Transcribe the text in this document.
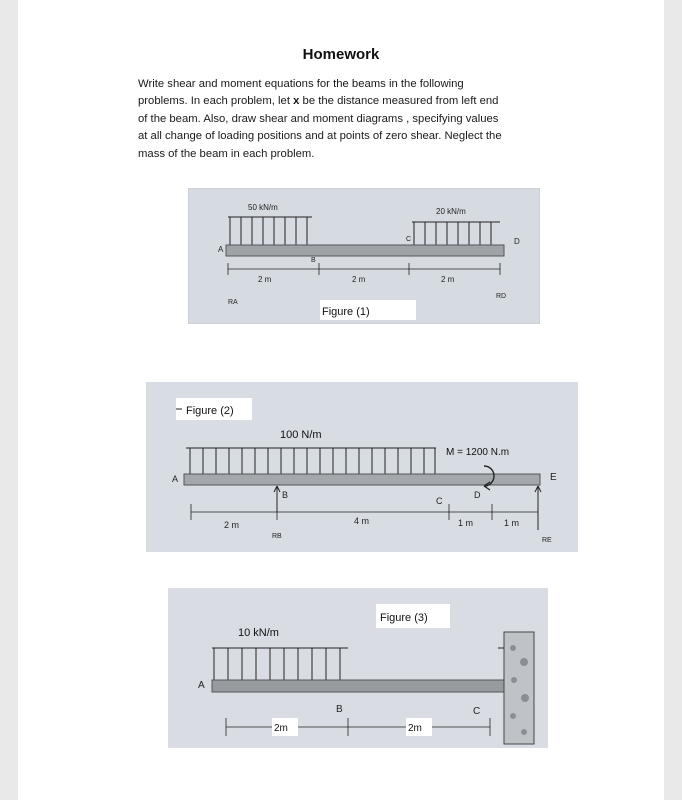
Homework
Write shear and moment equations for the beams in the following
problems. In each problem, let x be the distance measured from left end
of the beam. Also, draw shear and moment diagrams , specifying values
at all change of loading positions and at points of zero shear. Neglect the
mass of the beam in each problem.
50 kN/m	20 kN/m
A
B
C	D
2 m	2 m	2 m
RA
RD
Figure (1)
Figure (2)
100 N/m
M = 1200 N.m
A	E
B
C
D
2 m	4 m	1 m	1 m
RB
RE
Figure (3)
10 kN/m
A
B	C
2m	2m
